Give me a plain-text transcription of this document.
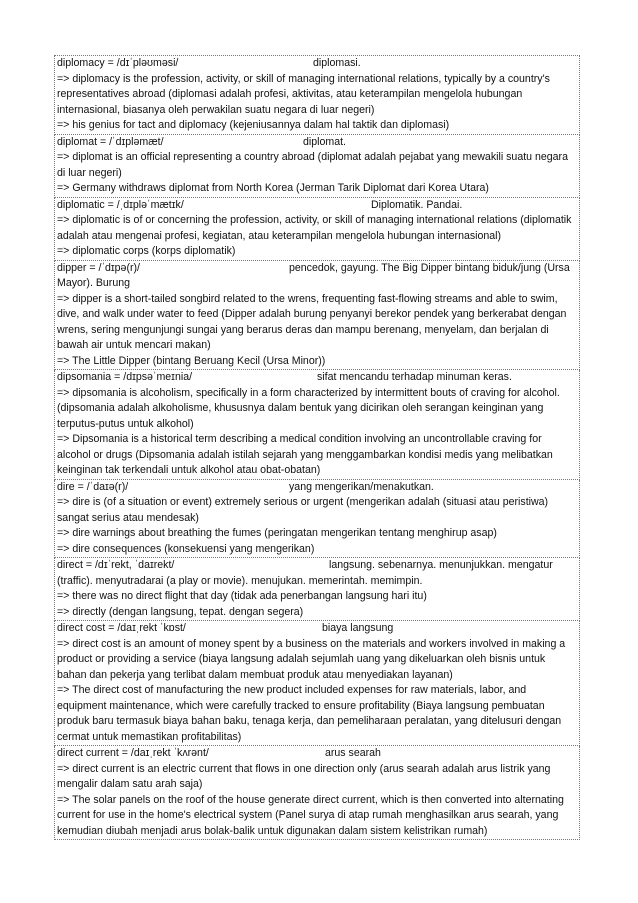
diplomacy = /dɪˈpləʊməsi/	diplomasi.
=> diplomacy is the profession, activity, or skill of managing international relations, typically by a country's representatives abroad (diplomasi adalah profesi, aktivitas, atau keterampilan mengelola hubungan internasional, biasanya oleh perwakilan suatu negara di luar negeri)
=> his genius for tact and diplomacy (kejeniusannya dalam hal taktik dan diplomasi)
diplomat = /ˈdɪpləmæt/	diplomat.
=> diplomat is an official representing a country abroad (diplomat adalah pejabat yang mewakili suatu negara di luar negeri)
=> Germany withdraws diplomat from North Korea (Jerman Tarik Diplomat dari Korea Utara)
diplomatic = /ˌdɪpləˈmætɪk/	Diplomatik. Pandai.
=> diplomatic is of or concerning the profession, activity, or skill of managing international relations (diplomatik adalah atau mengenai profesi, kegiatan, atau keterampilan mengelola hubungan internasional)
=> diplomatic corps (korps diplomatik)
dipper = /ˈdɪpə(r)/	pencedok, gayung. The Big Dipper bintang biduk/jung (Ursa Mayor). Burung
=> dipper is a short-tailed songbird related to the wrens, frequenting fast-flowing streams and able to swim, dive, and walk under water to feed (Dipper adalah burung penyanyi berekor pendek yang berkerabat dengan wrens, sering mengunjungi sungai yang berarus deras dan mampu berenang, menyelam, dan berjalan di bawah air untuk mencari makan)
=> The Little Dipper (bintang Beruang Kecil (Ursa Minor))
dipsomania = /dɪpsəˈmeɪnia/	sifat mencandu terhadap minuman keras.
=> dipsomania is alcoholism, specifically in a form characterized by intermittent bouts of craving for alcohol. (dipsomania adalah alkoholisme, khususnya dalam bentuk yang dicirikan oleh serangan keinginan yang terputus-putus untuk alkohol)
=> Dipsomania is a historical term describing a medical condition involving an uncontrollable craving for alcohol or drugs (Dipsomania adalah istilah sejarah yang menggambarkan kondisi medis yang melibatkan keinginan tak terkendali untuk alkohol atau obat-obatan)
dire = /ˈdaɪə(r)/	yang mengerikan/menakutkan.
=> dire is (of a situation or event) extremely serious or urgent (mengerikan adalah (situasi atau peristiwa) sangat serius atau mendesak)
=> dire warnings about breathing the fumes (peringatan mengerikan tentang menghirup asap)
=> dire consequences (konsekuensi yang mengerikan)
direct = /dɪˈrekt, ˈdaɪrekt/	langsung. sebenarnya. menunjukkan. mengatur
(traffic). menyutradarai (a play or movie). menujukan. memerintah. memimpin.
=> there was no direct flight that day (tidak ada penerbangan langsung hari itu)
=> directly (dengan langsung, tepat. dengan segera)
direct cost = /daɪˌrekt ˈkɒst/	biaya langsung
=> direct cost is an amount of money spent by a business on the materials and workers involved in making a product or providing a service (biaya langsung adalah sejumlah uang yang dikeluarkan oleh bisnis untuk bahan dan pekerja yang terlibat dalam membuat produk atau menyediakan layanan)
=> The direct cost of manufacturing the new product included expenses for raw materials, labor, and equipment maintenance, which were carefully tracked to ensure profitability (Biaya langsung pembuatan produk baru termasuk biaya bahan baku, tenaga kerja, dan pemeliharaan peralatan, yang ditelusuri dengan cermat untuk memastikan profitabilitas)
direct current = /daɪˌrekt ˈkʌrənt/	arus searah
=> direct current is an electric current that flows in one direction only (arus searah adalah arus listrik yang mengalir dalam satu arah saja)
=> The solar panels on the roof of the house generate direct current, which is then converted into alternating current for use in the home's electrical system (Panel surya di atap rumah menghasilkan arus searah, yang kemudian diubah menjadi arus bolak-balik untuk digunakan dalam sistem kelistrikan rumah)
